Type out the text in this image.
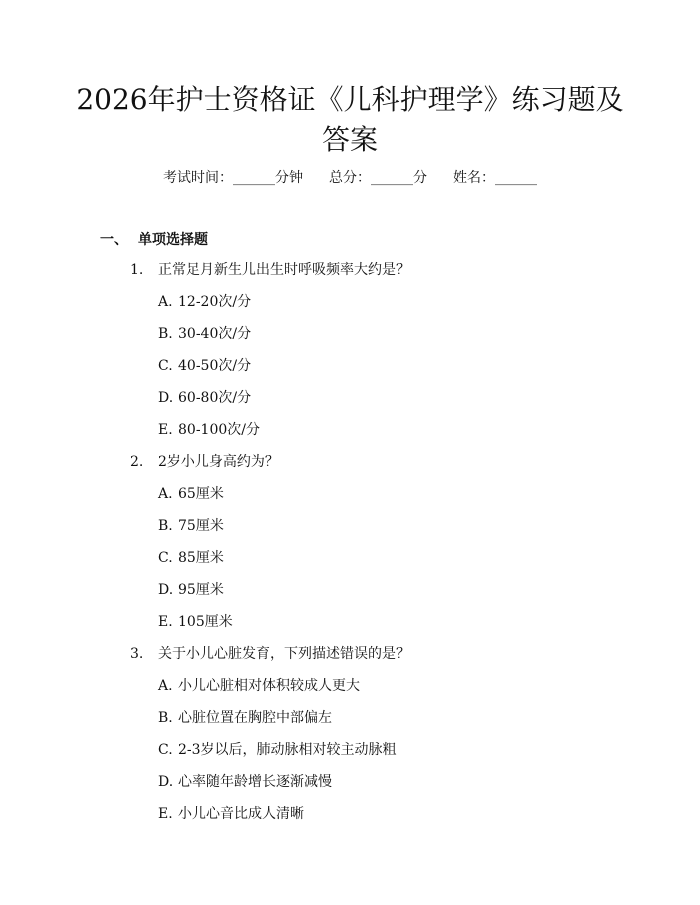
2026年护士资格证《儿科护理学》练习题及
答案
考试时间：______分钟 总分：______分 姓名：______
一、 单项选择题
1. 正常足月新生儿出生时呼吸频率大约是？
A. 12-20次/分
B. 30-40次/分
C. 40-50次/分
D. 60-80次/分
E. 80-100次/分
2. 2岁小儿身高约为？
A. 65厘米
B. 75厘米
C. 85厘米
D. 95厘米
E. 105厘米
3. 关于小儿心脏发育，下列描述错误的是？
A. 小儿心脏相对体积较成人更大
B. 心脏位置在胸腔中部偏左
C. 2-3岁以后，肺动脉相对较主动脉粗
D. 心率随年龄增长逐渐减慢
E. 小儿心音比成人清晰
